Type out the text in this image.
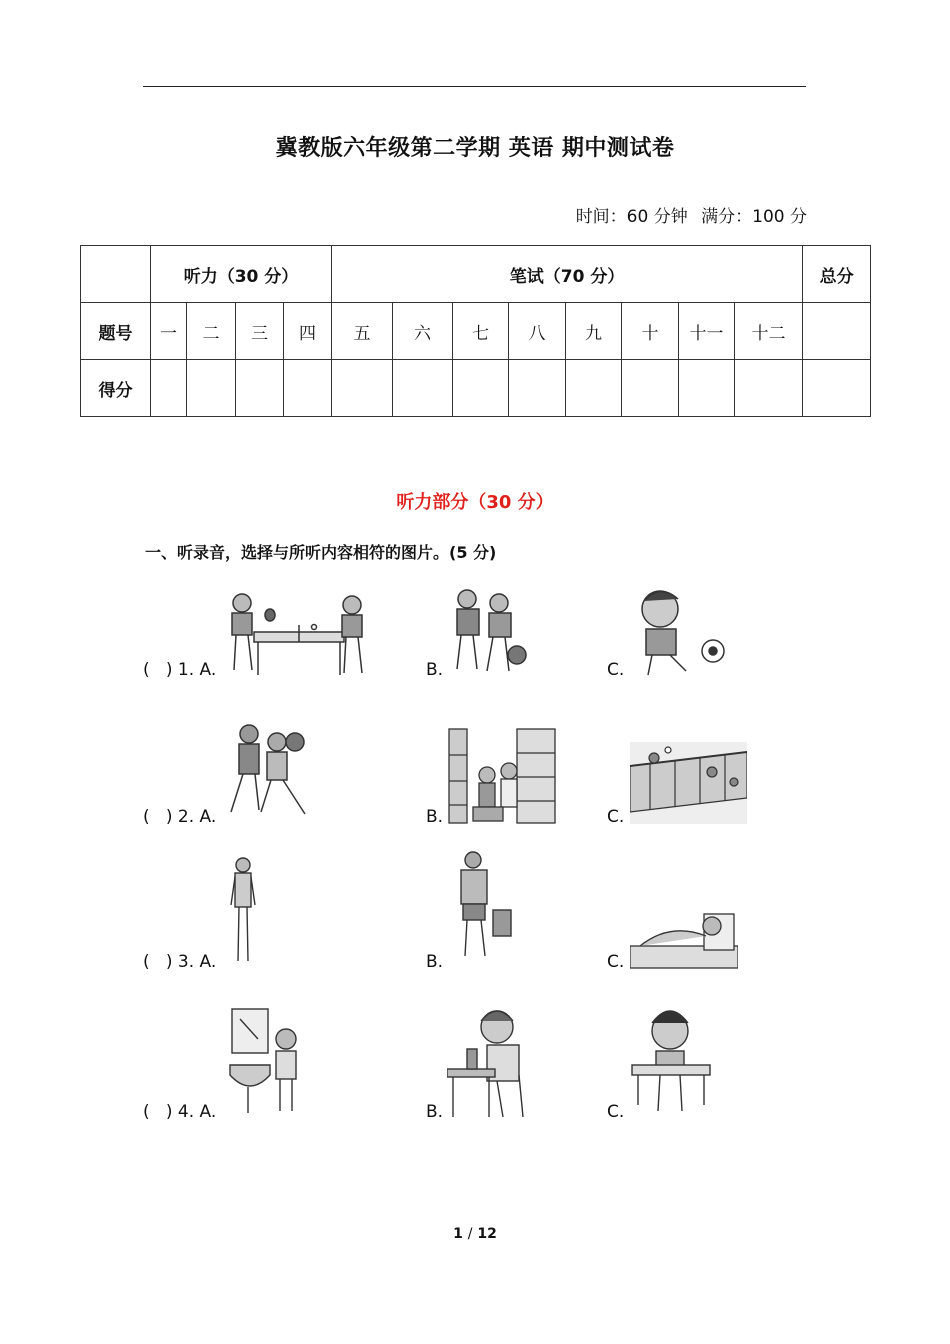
冀教版六年级第二学期 英语 期中测试卷
时间：60 分钟 满分：100 分
	听力（30 分）				笔试（70 分）								总分
题号	一	二	三	四	五	六	七	八	九	十	十一	十二	
得分													
听力部分（30 分）
一、听录音，选择与所听内容相符的图片。(5 分)
(   ) 1. A.	B.	C.
(   ) 2. A.	B.	C.
(   ) 3. A.	B.	C.
(   ) 4. A.	B.	C.
1 / 12
